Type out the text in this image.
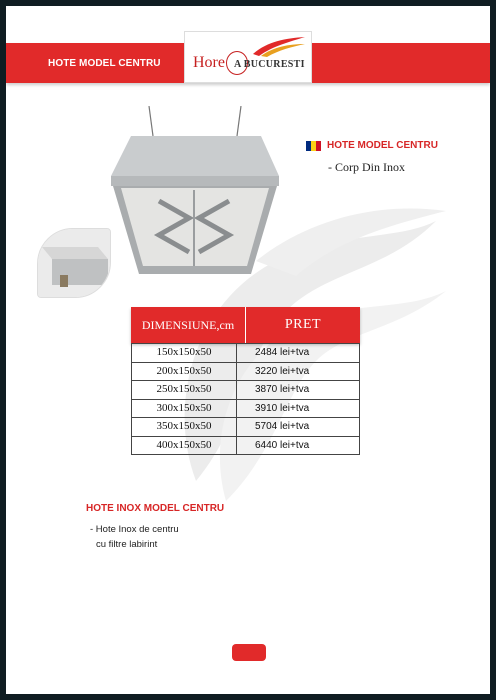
HOTE MODEL CENTRU Hore A BUCURESTI
HOTE MODEL CENTRU
- Corp Din Inox
DIMENSIUNE,cm	PRET
150x150x50	2484 lei+tva
200x150x50	3220 lei+tva
250x150x50	3870 lei+tva
300x150x50	3910 lei+tva
350x150x50	5704 lei+tva
400x150x50	6440 lei+tva
HOTE INOX MODEL CENTRU
- Hote Inox de centru
cu filtre labirint
